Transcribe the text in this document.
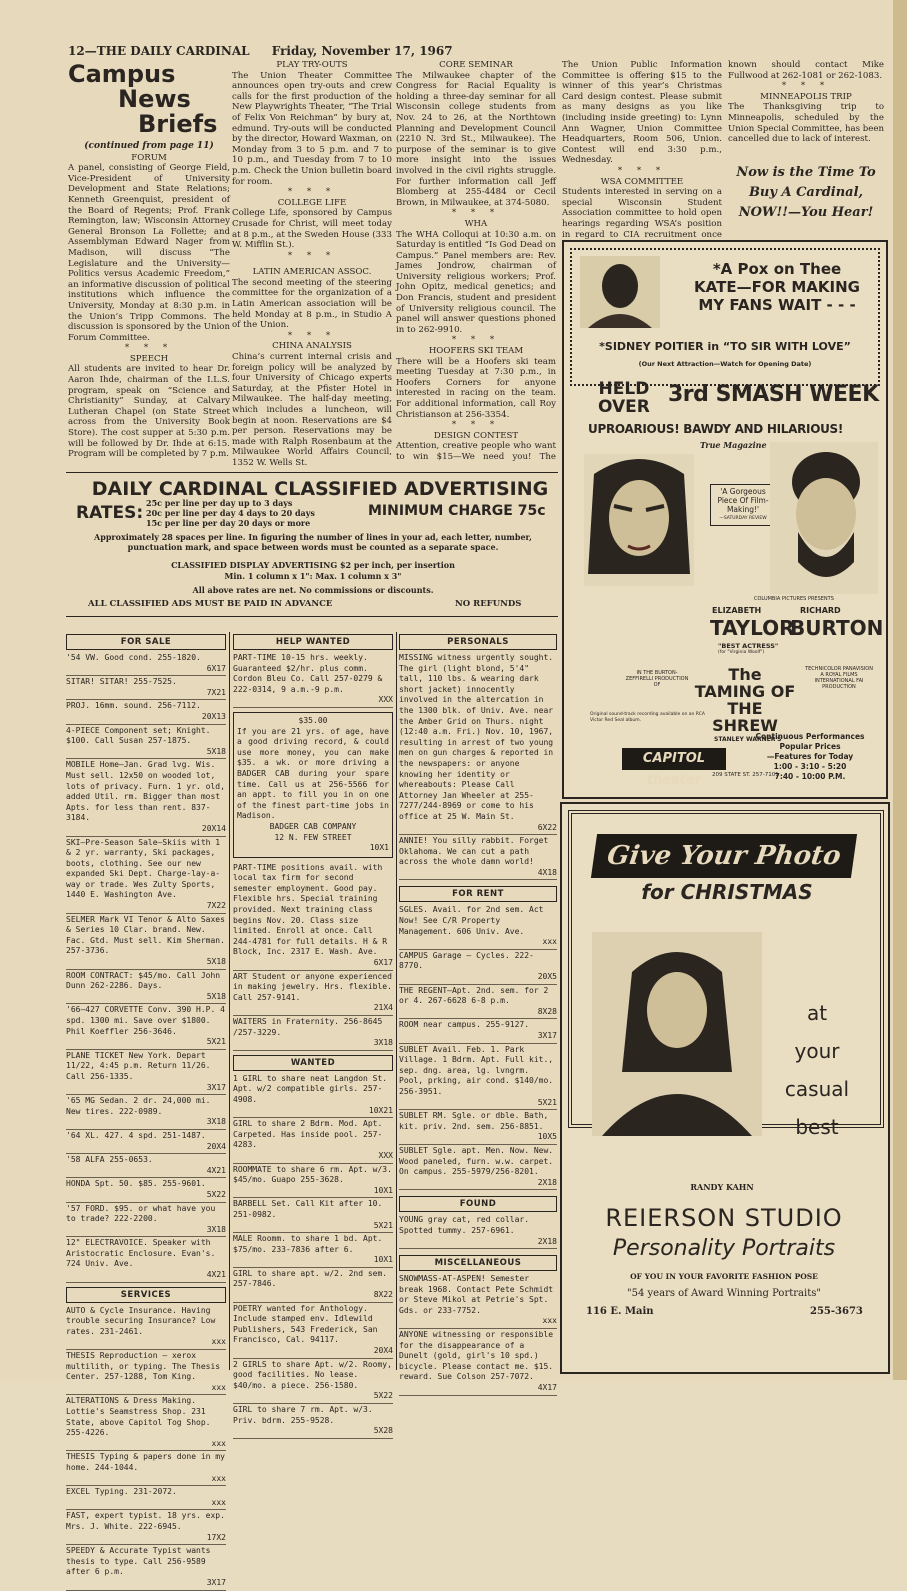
12—THE DAILY CARDINAL Friday, November 17, 1967
Campus
News
Briefs
(continued from page 11)
FORUM

A panel, consisting of George Field, Vice-President of University Development and State Relations; Kenneth Greenquist, president of the Board of Regents; Prof. Frank Remington, law; Wisconsin Attorney General Bronson La Follette; and Assemblyman Edward Nager from Madison, will discuss “The Legislature and the University—Politics versus Academic Freedom,” an informative discussion of political institutions which influence the University, Monday at 8:30 p.m. in the Union’s Tripp Commons. The discussion is sponsored by the Union Forum Committee.

* * *
SPEECH

All students are invited to hear Dr. Aaron Ihde, chairman of the I.L.S. program, speak on “Science and Christianity” Sunday, at Calvary Lutheran Chapel (on State Street across from the University Book Store). The cost supper at 5:30 p.m. will be followed by Dr. Ihde at 6:15. Program will be completed by 7 p.m.

PLAY TRY-OUTS

The Union Theater Committee announces open try-outs and crew calls for the first production of the New Playwrights Theater, “The Trial of Felix Von Reichman” by bury at, edmund. Try-outs will be conducted by the director, Howard Waxman, on Monday from 3 to 5 p.m. and 7 to 10 p.m., and Tuesday from 7 to 10 p.m. Check the Union bulletin board for room.

* * *
COLLEGE LIFE

College Life, sponsored by Campus Crusade for Christ, will meet today at 8 p.m., at the Sweden House (333 W. Mifflin St.).

* * *
LATIN AMERICAN ASSOC.

The second meeting of the steering committee for the organization of a Latin American association will be held Monday at 8 p.m., in Studio A of the Union.

* * *
CHINA ANALYSIS

China’s current internal crisis and foreign policy will be analyzed by four University of Chicago experts Saturday, at the Pfister Hotel in Milwaukee. The half-day meeting, which includes a luncheon, will begin at noon. Reservations are $4 per person. Reservations may be made with Ralph Rosenbaum at the Milwaukee World Affairs Council, 1352 W. Wells St.

CORE SEMINAR

The Milwaukee chapter of the Congress for Racial Equality is holding a three-day seminar for all Wisconsin college students from Nov. 24 to 26, at the Northtown Planning and Development Council (2210 N. 3rd St., Milwaukee). The purpose of the seminar is to give more insight into the issues involved in the civil rights struggle. For further information call Jeff Blomberg at 255-4484 or Cecil Brown, in Milwaukee, at 374-5080.

* * *
WHA

The WHA Colloqui at 10:30 a.m. on Saturday is entitled “Is God Dead on Campus.” Panel members are: Rev. James Jondrow, chairman of University religious workers; Prof. John Opitz, medical genetics; and Don Francis, student and president of University religious council. The panel will answer questions phoned in to 262-9910.

* * *
HOOFERS SKI TEAM

There will be a Hoofers ski team meeting Tuesday at 7:30 p.m., in Hoofers Corners for anyone interested in racing on the team. For additional information, call Roy Christianson at 256-3354.

* * *
DESIGN CONTEST

Attention, creative people who want to win $15—We need you! The

The Union Public Information Committee is offering $15 to the winner of this year’s Christmas Card design contest. Please submit as many designs as you like (including inside greeting) to: Lynn Ann Wagner, Union Committee Headquarters, Room 506, Union. Contest will end 3:30 p.m., Wednesday.

* * *
WSA COMMITTEE

Students interested in serving on a special Wisconsin Student Association committee to hold open hearings regarding WSA’s position in regard to CIA recruitment once

known should contact Mike Fullwood at 262-1081 or 262-1083.

* * *
MINNEAPOLIS TRIP

The Thanksgiving trip to Minneapolis, scheduled by the Union Special Committee, has been cancelled due to lack of interest.

Now is the Time To Buy A Cardinal, NOW!!—You Hear!
DAILY CARDINAL CLASSIFIED ADVERTISING
RATES: 25c per line per day up to 3 days
20c per line per day 4 days to 20 days
15c per line per day 20 days or more
MINIMUM CHARGE 75c
Approximately 28 spaces per line. In figuring the number of lines in your ad, each letter, number, punctuation mark, and space between words must be counted as a separate space.
CLASSIFIED DISPLAY ADVERTISING $2 per inch, per insertion
Min. 1 column x 1": Max. 1 column x 3"
All above rates are net. No commissions or discounts.
ALL CLASSIFIED ADS MUST BE PAID IN ADVANCE	NO REFUNDS
FOR SALE
'54 VW. Good cond. 255-1820.
6X17
SITAR! SITAR! 255-7525.
7X21
PROJ. 16mm. sound. 256-7112.
20X13
4-PIECE Component set; Knight. $100. Call Susan 257-1875.
5X18
MOBILE Home—Jan. Grad lvg. Wis. Must sell. 12x50 on wooded lot, lots of privacy. Furn. 1 yr. old, added Util. rm. Bigger than most Apts. for less than rent. 837-3184.
20X14
SKI—Pre-Season Sale—Skiis with 1 & 2 yr. warranty, Ski packages, boots, clothing. See our new expanded Ski Dept. Charge-lay-a-way or trade. Wes Zulty Sports, 1440 E. Washington Ave.
7X22
SELMER Mark VI Tenor & Alto Saxes & Series 10 Clar. brand. New. Fac. Gtd. Must sell. Kim Sherman. 257-3736.
5X18
ROOM CONTRACT: $45/mo. Call John Dunn 262-2286. Days.
5X18
'66—427 CORVETTE Conv. 390 H.P. 4 spd. 1300 mi. Save over $1800. Phil Koeffler 256-3646.
5X21
PLANE TICKET New York. Depart 11/22, 4:45 p.m. Return 11/26. Call 256-1335.
3X17
'65 MG Sedan. 2 dr. 24,000 mi. New tires. 222-0989.
3X18
'64 XL. 427. 4 spd. 251-1487.
20X4
'58 ALFA 255-0653.
4X21
HONDA Spt. 50. $85. 255-9601.
5X22
'57 FORD. $95. or what have you to trade? 222-2200.
3X18
12" ELECTRAVOICE. Speaker with Aristocratic Enclosure. Evan's. 724 Univ. Ave.
4X21
SERVICES
AUTO & Cycle Insurance. Having trouble securing Insurance? Low rates. 231-2461.
xxx
THESIS Reproduction — xerox multilith, or typing. The Thesis Center. 257-1288, Tom King.
xxx
ALTERATIONS & Dress Making. Lottie's Seamstress Shop. 231 State, above Capitol Tog Shop. 255-4226.
xxx
THESIS Typing & papers done in my home. 244-1044.
xxx
EXCEL Typing. 231-2072.
xxx
FAST, expert typist. 18 yrs. exp. Mrs. J. White. 222-6945.
17X2
SPEEDY & Accurate Typist wants thesis to type. Call 256-9589 after 6 p.m.
3X17
HELP WANTED
PART-TIME 10-15 hrs. weekly. Guaranteed $2/hr. plus comm. Cordon Bleu Co. Call 257-0279 & 222-0314, 9 a.m.-9 p.m.
XXX
$35.00
If you are 21 yrs. of age, have a good driving record, & could use more money, you can make $35. a wk. or more driving a BADGER CAB during your spare time. Call us at 256-5566 for an appt. to fill you in on one of the finest part-time jobs in Madison.
BADGER CAB COMPANY
12 N. FEW STREET
10X1
PART-TIME positions avail. with local tax firm for second semester employment. Good pay. Flexible hrs. Special training provided. Next training class begins Nov. 20. Class size limited. Enroll at once. Call 244-4781 for full details. H & R Block, Inc. 2317 E. Wash. Ave.
6X17
ART Student or anyone experienced in making jewelry. Hrs. flexible. Call 257-9141.
21X4
WAITERS in Fraternity. 256-8645 /257-3229.
3X18
WANTED
1 GIRL to share neat Langdon St. Apt. w/2 compatible girls. 257-4908.
10X21
GIRL to share 2 Bdrm. Mod. Apt. Carpeted. Has inside pool. 257-4283.
XXX
ROOMMATE to share 6 rm. Apt. w/3. $45/mo. Guapo 255-3628.
10X1
BARBELL Set. Call Kit after 10. 251-0982.
5X21
MALE Roomm. to share 1 bd. Apt. $75/mo. 233-7836 after 6.
10X1
GIRL to share apt. w/2. 2nd sem. 257-7846.
8X22
POETRY wanted for Anthology. Include stamped env. Idlewild Publishers, 543 Frederick, San Francisco, Cal. 94117.
20X4
2 GIRLS to share Apt. w/2. Roomy, good facilities. No lease. $40/mo. a piece. 256-1580.
5X22
GIRL to share 7 rm. Apt. w/3. Priv. bdrm. 255-9528.
5X28
PERSONALS
MISSING witness urgently sought. The girl (light blond, 5'4" tall, 110 lbs. & wearing dark short jacket) innocently involved in the altercation in the 1300 blk. of Univ. Ave. near the Amber Grid on Thurs. night (12:40 a.m. Fri.) Nov. 10, 1967, resulting in arrest of two young men on gun charges & reported in the newspapers: or anyone knowing her identity or whereabouts: Please Call Attorney Jan Wheeler at 255-7277/244-8969 or come to his office at 25 W. Main St.
6X22
ANNIE! You silly rabbit. Forget Oklahoma. We can cut a path across the whole damn world!
4X18
FOR RENT
SGLES. Avail. for 2nd sem. Act Now! See C/R Property Management. 606 Univ. Ave.
xxx
CAMPUS Garage — Cycles. 222-8770.
20X5
THE REGENT—Apt. 2nd. sem. for 2 or 4. 267-6628 6-8 p.m.
8X28
ROOM near campus. 255-9127.
3X17
SUBLET Avail. Feb. 1. Park Village. 1 Bdrm. Apt. Full kit., sep. dng. area, lg. lvngrm. Pool, prking, air cond. $140/mo. 256-3951.
5X21
SUBLET RM. Sgle. or dble. Bath, kit. priv. 2nd. sem. 256-8851.
10X5
SUBLET Sgle. apt. Men. Now. New. Wood paneled, furn. w.w. carpet. On campus. 255-5979/256-8201.
2X18
FOUND
YOUNG gray cat, red collar. Spotted tummy. 257-6961.
2X18
MISCELLANEOUS
SNOWMASS-AT-ASPEN! Semester break 1968. Contact Pete Schmidt or Steve Mikol at Petrie's Spt. Gds. or 233-7752.
xxx
ANYONE witnessing or responsible for the disappearance of a Dunelt (gold, girl's 10 spd.) bicycle. Please contact me. $15. reward. Sue Colson 257-7072.
4X17
*A Pox on Thee
KATE—FOR MAKING
MY FANS WAIT - - -
*SIDNEY POITIER in “TO SIR WITH LOVE”
(Our Next Attraction—Watch for Opening Date)
HELD
OVER 3rd SMASH WEEK
UPROARIOUS! BAWDY AND HILARIOUS!
True Magazine
'A Gorgeous Piece Of Film-Making!'
—SATURDAY REVIEW
COLUMBIA PICTURES PRESENTS
ELIZABETH
TAYLOR
"BEST ACTRESS"
(for "Virginia Woolf")
RICHARD
BURTON
IN THE BURTON-ZEFFIRELLI PRODUCTION OF
The TAMING OF THE SHREW
TECHNICOLOR PANAVISION A ROYAL FILMS INTERNATIONAL FAI PRODUCTION
Original sound-track recording available on an RCA Victor Red Seal album.
STANLEY WARNER'S
CAPITOL theater	209 STATE ST. 257-7101
Continuous Performances
Popular Prices
—Features for Today
1:00 - 3:10 - 5:20
7:40 - 10:00 P.M.
Give Your Photo
for CHRISTMAS
at
your
casual
best
RANDY KAHN
REIERSON STUDIO
Personality Portraits
OF YOU IN YOUR FAVORITE FASHION POSE
"54 years of Award Winning Portraits"
116 E. Main	255-3673
